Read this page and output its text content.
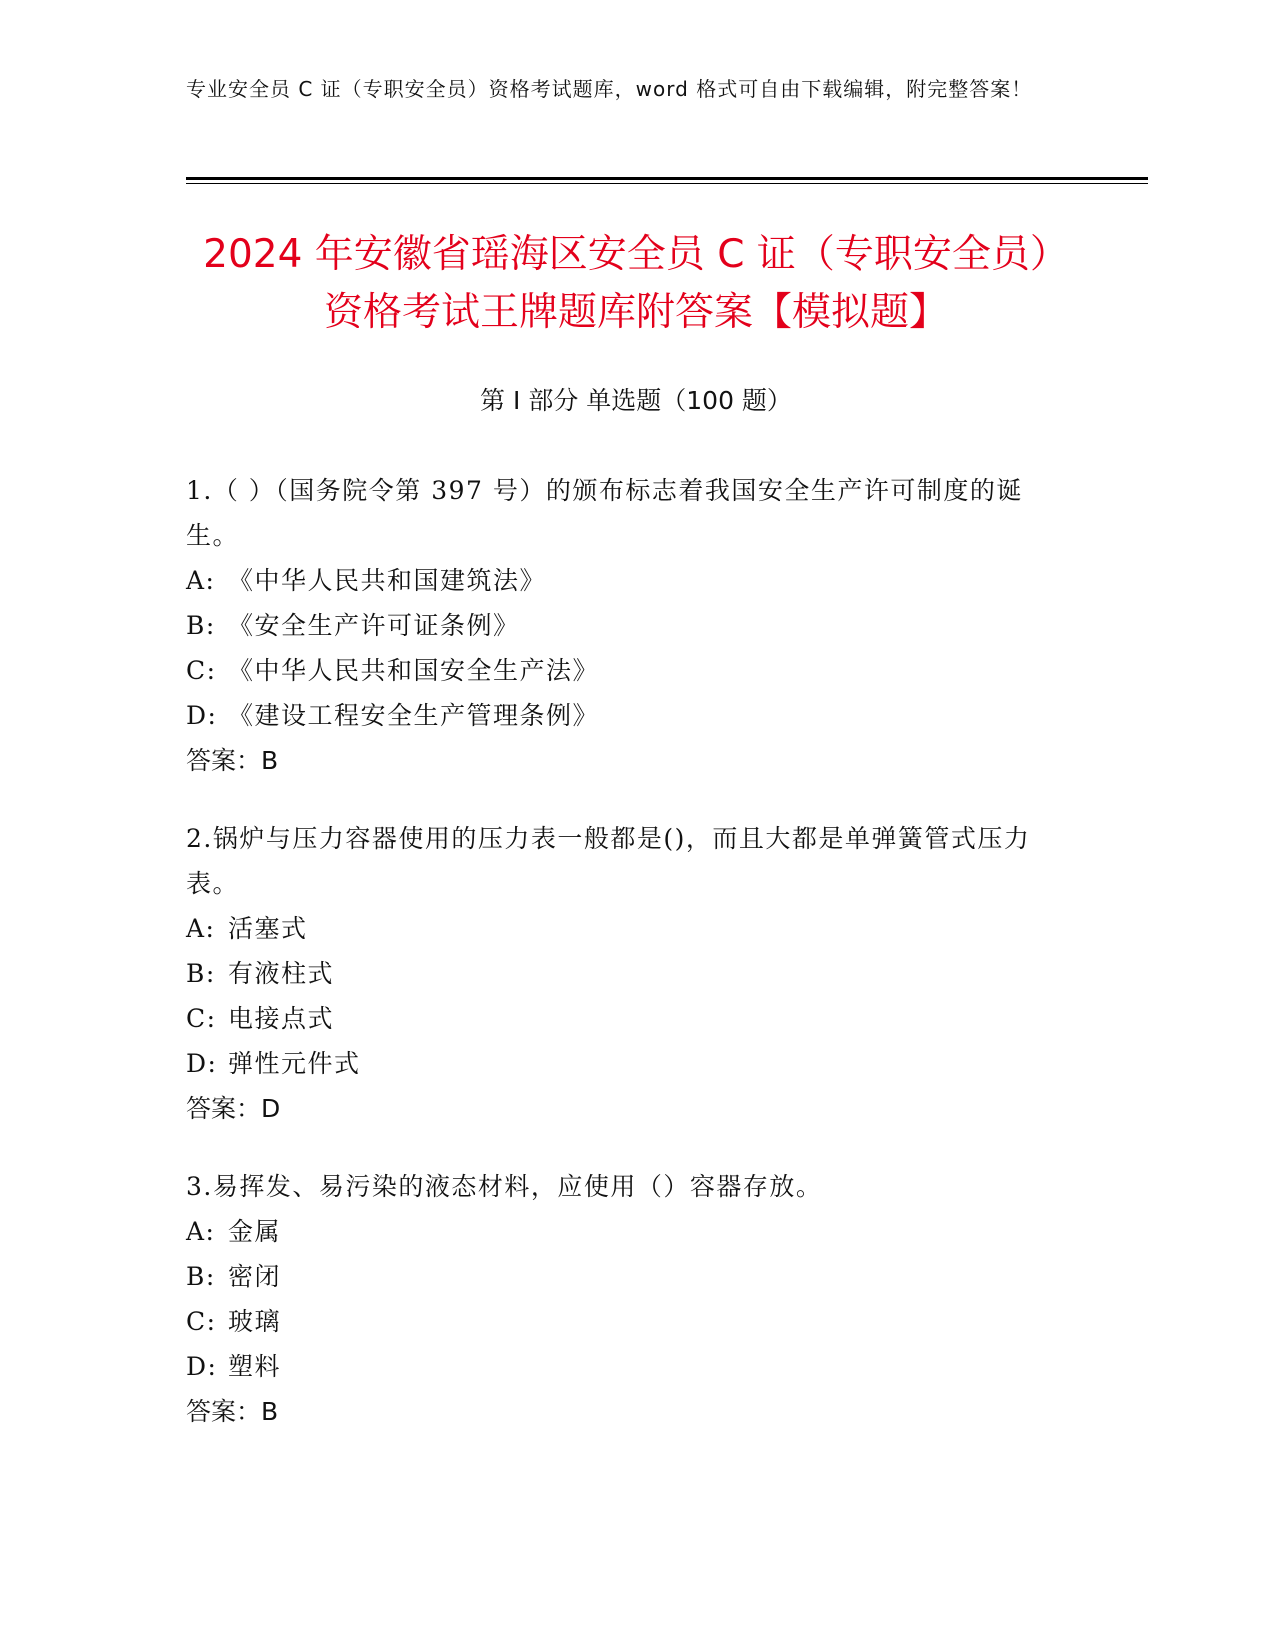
专业安全员 C 证（专职安全员）资格考试题库，word 格式可自由下载编辑，附完整答案！
2024 年安徽省瑶海区安全员 C 证（专职安全员）资格考试王牌题库附答案【模拟题】
第 I 部分 单选题（100 题）

1.（ ）（国务院令第 397 号）的颁布标志着我国安全生产许可制度的诞生。

A: 《中华人民共和国建筑法》

B: 《安全生产许可证条例》

C: 《中华人民共和国安全生产法》

D: 《建设工程安全生产管理条例》

答案：B

2.锅炉与压力容器使用的压力表一般都是()，而且大都是单弹簧管式压力表。

A: 活塞式

B: 有液柱式

C: 电接点式

D: 弹性元件式

答案：D

3.易挥发、易污染的液态材料，应使用（）容器存放。

A: 金属

B: 密闭

C: 玻璃

D: 塑料

答案：B
